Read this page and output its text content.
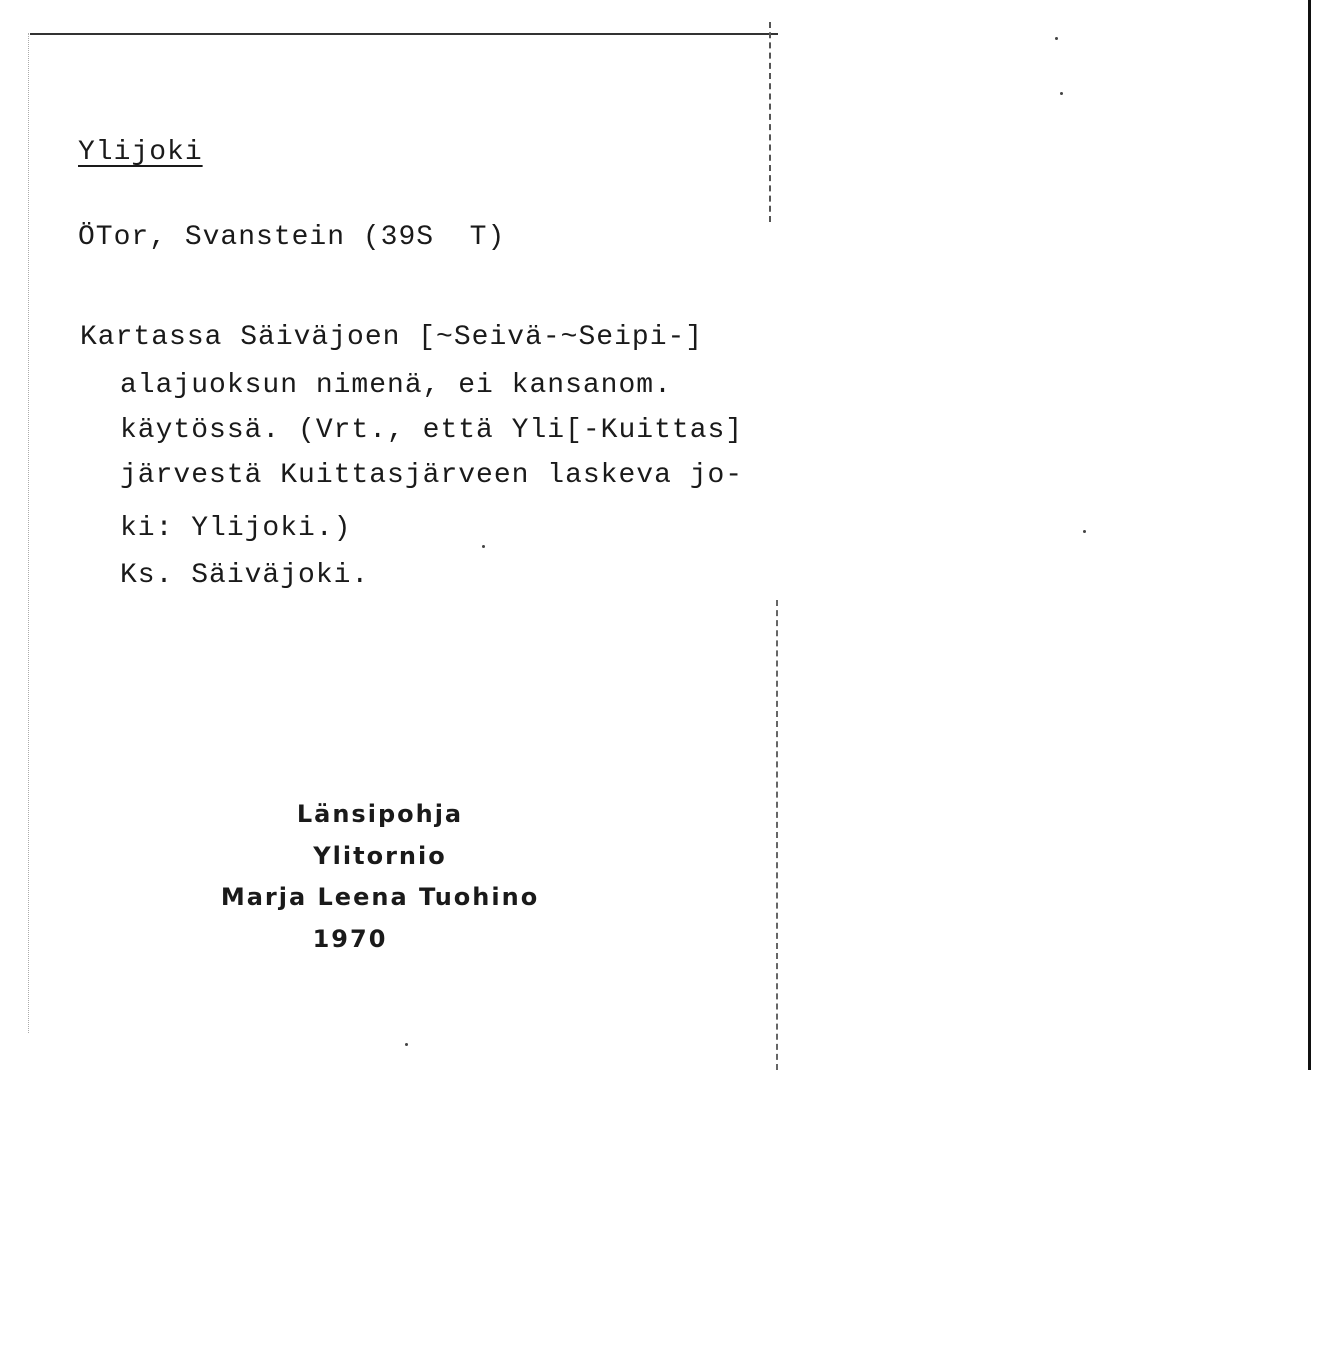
Ylijoki
ÖTor, Svanstein (39S  T)
Kartassa Säiväjoen [~Seivä-~Seipi-]
alajuoksun nimenä, ei kansanom.
käytössä. (Vrt., että Yli[-Kuittas]
järvestä Kuittasjärveen laskeva jo-
ki: Ylijoki.)
Ks. Säiväjoki.
Länsipohja
Ylitornio
Marja Leena Tuohino
1970
